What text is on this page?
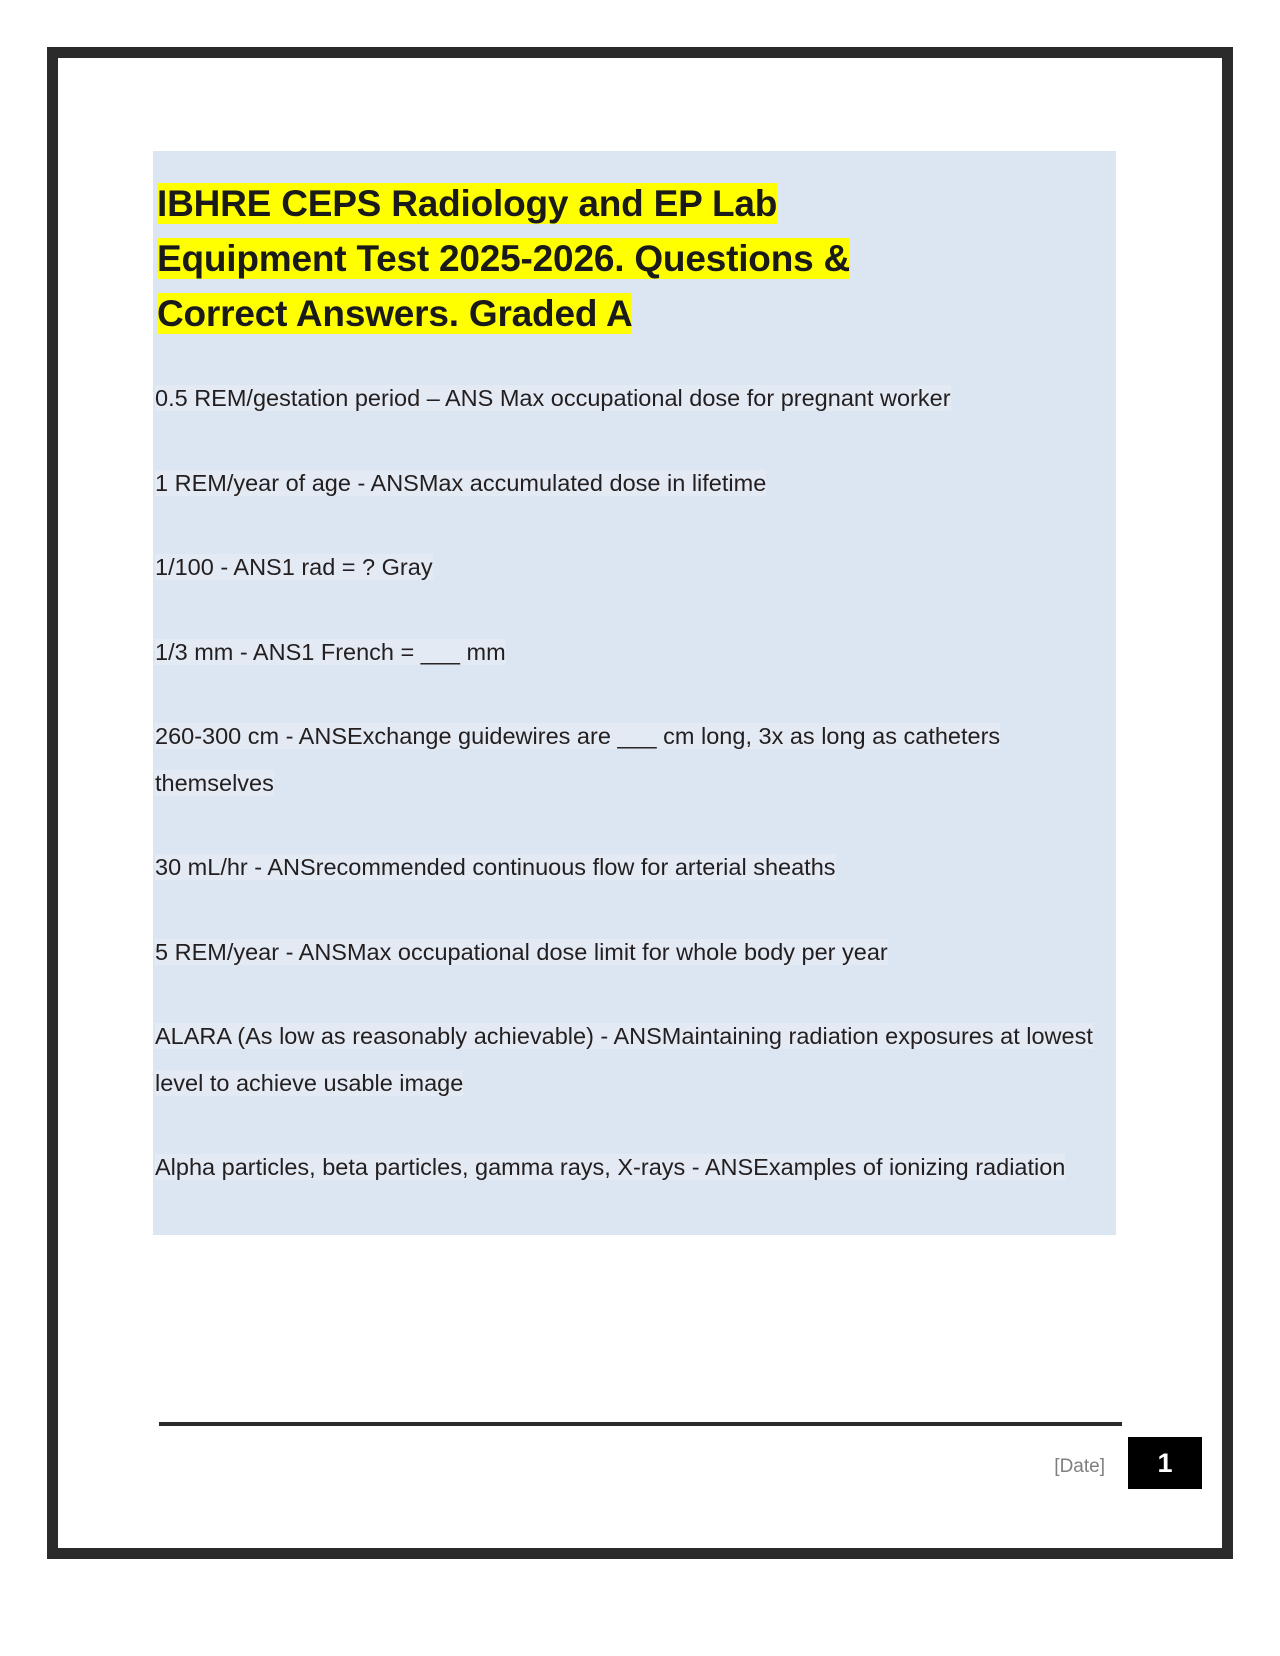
IBHRE CEPS Radiology and EP Lab
Equipment Test 2025-2026. Questions &
Correct Answers. Graded A
0.5 REM/gestation period – ANS Max occupational dose for pregnant worker
1 REM/year of age - ANSMax accumulated dose in lifetime
1/100 - ANS1 rad = ? Gray
1/3 mm - ANS1 French = ___ mm
260-300 cm - ANSExchange guidewires are ___ cm long, 3x as long as catheters themselves
30 mL/hr - ANSrecommended continuous flow for arterial sheaths
5 REM/year - ANSMax occupational dose limit for whole body per year
ALARA (As low as reasonably achievable) - ANSMaintaining radiation exposures at lowest level to achieve usable image
Alpha particles, beta particles, gamma rays, X-rays - ANSExamples of ionizing radiation
[Date]	1
